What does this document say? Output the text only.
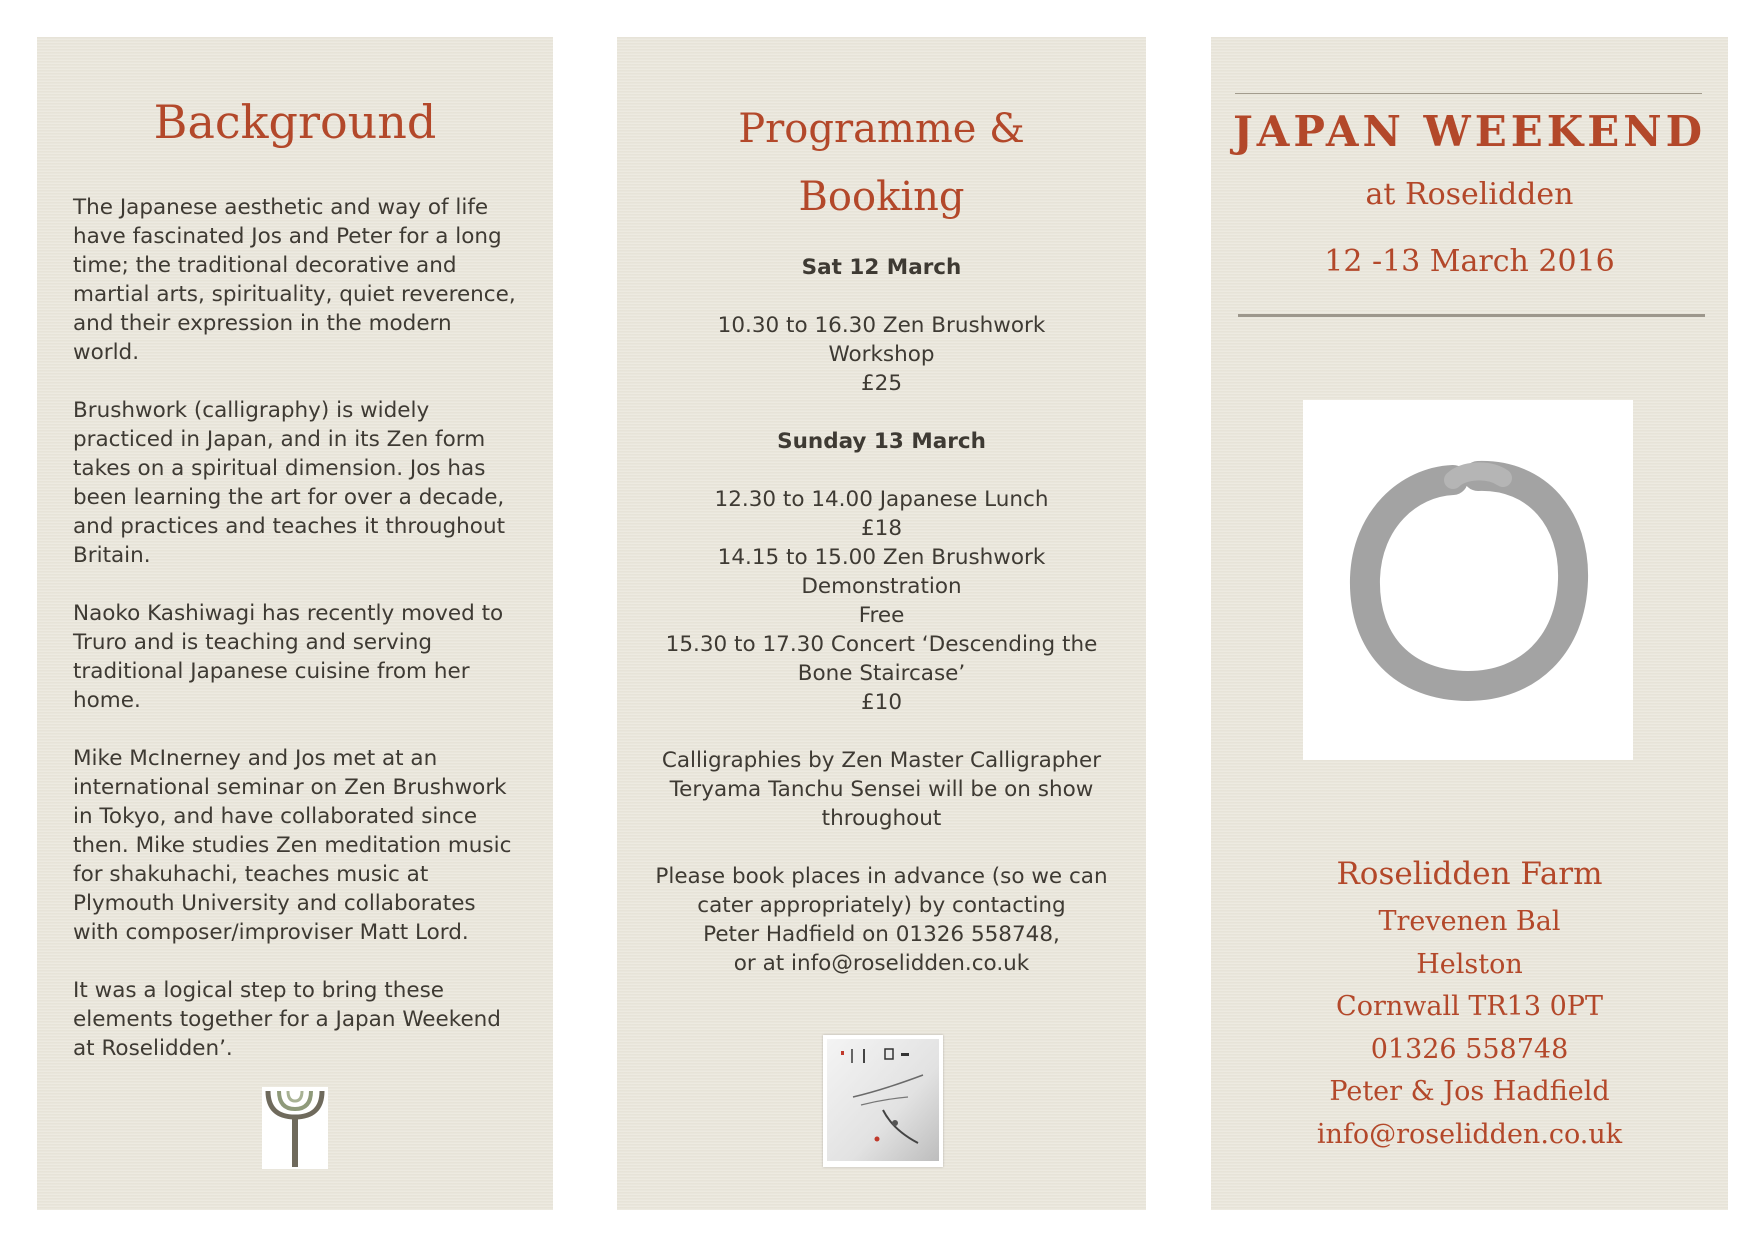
Background

The Japanese aesthetic and way of life have fascinated Jos and Peter for a long time; the traditional decorative and martial arts, spirituality, quiet reverence, and their expression in the modern world.

Brushwork (calligraphy) is widely practiced in Japan, and in its Zen form takes on a spiritual dimension. Jos has been learning the art for over a decade, and practices and teaches it throughout Britain.

Naoko Kashiwagi has recently moved to Truro and is teaching and serving traditional Japanese cuisine from her home.

Mike McInerney and Jos met at an international seminar on Zen Brushwork in Tokyo, and have collaborated since then. Mike studies Zen meditation music for shakuhachi, teaches music at Plymouth University and collaborates with composer/improviser Matt Lord.

It was a logical step to bring these elements together for a Japan Weekend at Roselidden’.

Programme &
Booking
Sat 12 March
10.30 to 16.30 Zen Brushwork
Workshop
£25
Sunday 13 March
12.30 to 14.00 Japanese Lunch
£18
14.15 to 15.00 Zen Brushwork
Demonstration
Free
15.30 to 17.30 Concert ‘Descending the
Bone Staircase’
£10
Calligraphies by Zen Master Calligrapher
Teryama Tanchu Sensei will be on show
throughout
Please book places in advance (so we can
cater appropriately) by contacting
Peter Hadfield on 01326 558748,
or at info@roselidden.co.uk
JAPAN WEEKEND
at Roselidden
12 -13 March 2016
Roselidden Farm
Trevenen Bal
Helston
Cornwall TR13 0PT
01326 558748
Peter & Jos Hadfield
info@roselidden.co.uk
